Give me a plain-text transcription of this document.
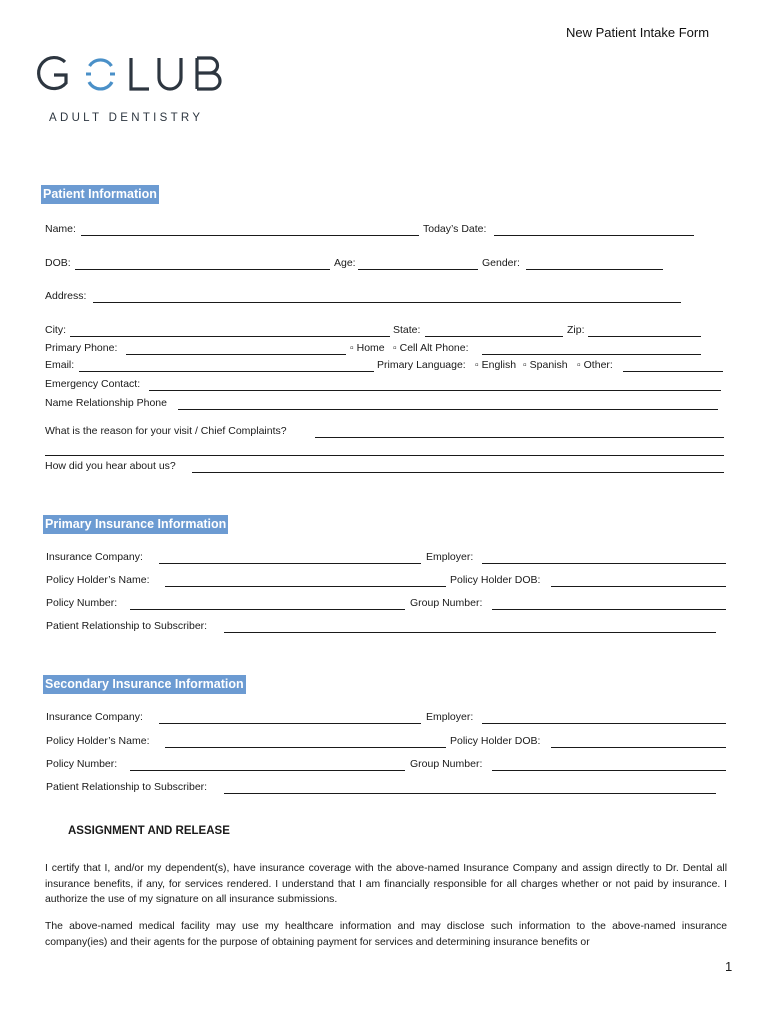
New Patient Intake Form
ADULT DENTISTRY
Patient Information
Name:	Today’s Date:
DOB:	Age:	Gender:
Address:
City:	State:	Zip:
Primary Phone:	▫ Home ▫ Cell Alt Phone:
Email:	Primary Language: ▫ English ▫ Spanish ▫ Other:
Emergency Contact:
Name Relationship Phone
What is the reason for your visit / Chief Complaints?
How did you hear about us?
Primary Insurance Information
Insurance Company:	Employer:
Policy Holder’s Name:	Policy Holder DOB:
Policy Number:	Group Number:
Patient Relationship to Subscriber:
Secondary Insurance Information
Insurance Company:	Employer:
Policy Holder’s Name:	Policy Holder DOB:
Policy Number:	Group Number:
Patient Relationship to Subscriber:
ASSIGNMENT AND RELEASE
I certify that I, and/or my dependent(s), have insurance coverage with the above-named Insurance Company and assign directly to Dr. Dental all insurance benefits, if any, for services rendered. I understand that I am financially responsible for all charges whether or not paid by insurance. I authorize the use of my signature on all insurance submissions.
The above-named medical facility may use my healthcare information and may disclose such information to the above-named insurance company(ies) and their agents for the purpose of obtaining payment for services and determining insurance benefits or
1
